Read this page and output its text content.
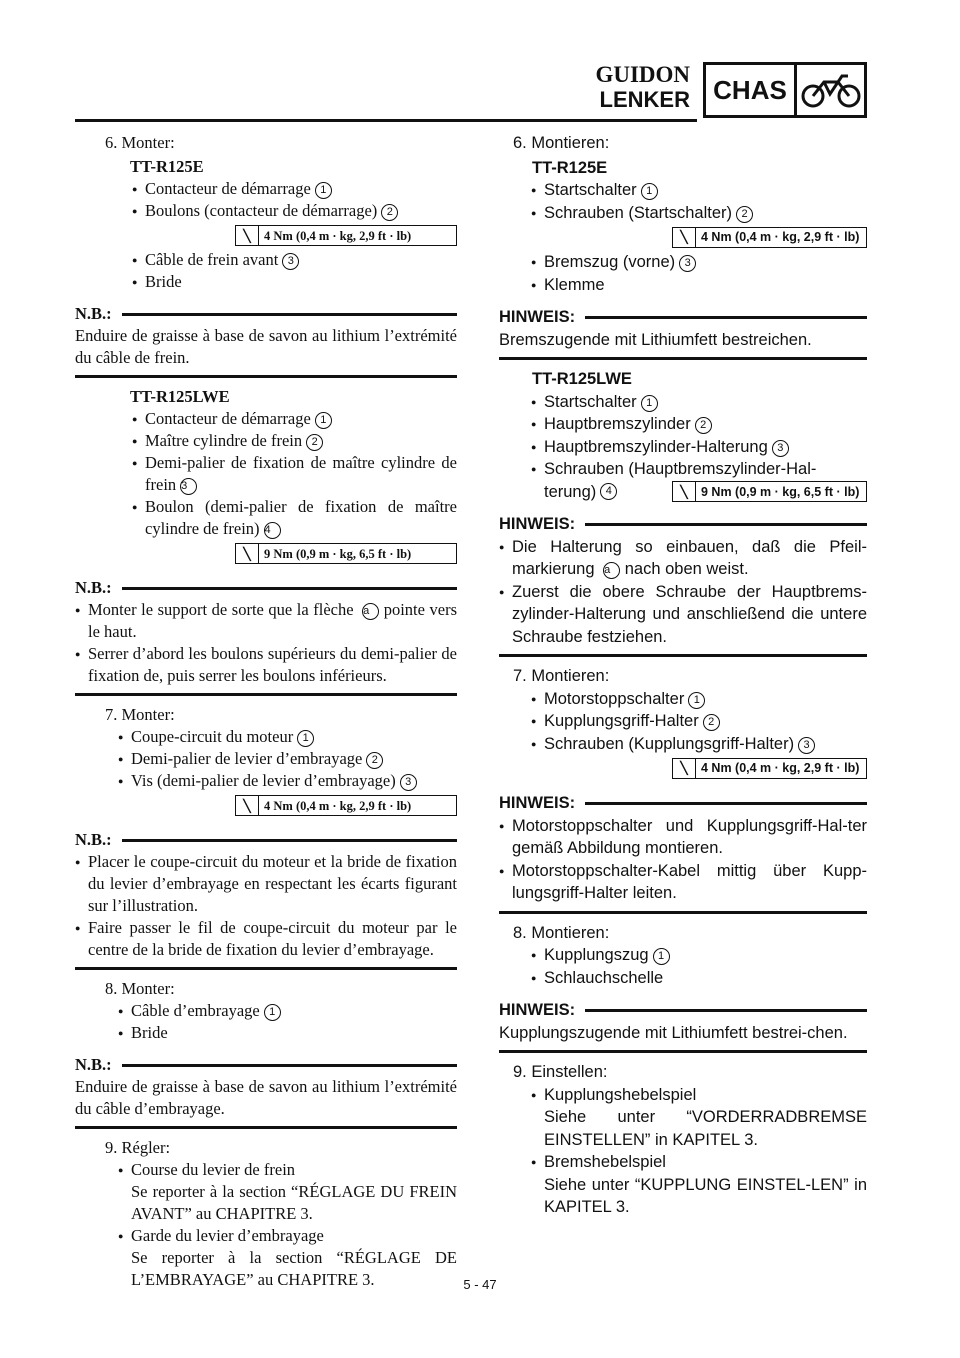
GUIDON
LENKER CHAS
6. Monter:
TT-R125E
● Contacteur de démarrage 1
● Boulons (contacteur de démarrage) 2
╲	4 Nm (0,4 m · kg, 2,9 ft · lb)
● Câble de frein avant 3
● Bride
N.B.:
Enduire de graisse à base de savon au lithium l’extrémité du câble de frein.
TT-R125LWE
● Contacteur de démarrage 1
● Maître cylindre de frein 2
● Demi-palier de fixation de maître cylindre de frein 3
● Boulon (demi-palier de fixation de maître cylindre de frein) 4
╲	9 Nm (0,9 m · kg, 6,5 ft · lb)
N.B.:
● Monter le support de sorte que la flèche a pointe vers le haut.
● Serrer d’abord les boulons supérieurs du demi-palier de fixation de, puis serrer les boulons inférieurs.
7. Monter:
● Coupe-circuit du moteur 1
● Demi-palier de levier d’embrayage 2
● Vis (demi-palier de levier d’embrayage) 3
╲	4 Nm (0,4 m · kg, 2,9 ft · lb)
N.B.:
● Placer le coupe-circuit du moteur et la bride de fixation du levier d’embrayage en respectant les écarts figurant sur l’illustration.
● Faire passer le fil de coupe-circuit du moteur par le centre de la bride de fixation du levier d’embrayage.
8. Monter:
● Câble d’embrayage 1
● Bride
N.B.:
Enduire de graisse à base de savon au lithium l’extrémité du câble d’embrayage.
9. Régler:
● Course du levier de frein
Se reporter à la section “RÉGLAGE DU FREIN AVANT” au CHAPITRE 3.
● Garde du levier d’embrayage
Se reporter à la section “RÉGLAGE DE L’EMBRAYAGE” au CHAPITRE 3.
6. Montieren:
TT-R125E
● Startschalter 1
● Schrauben (Startschalter) 2
╲	4 Nm (0,4 m · kg, 2,9 ft · lb)
● Bremszug (vorne) 3
● Klemme
HINWEIS:
Bremszugende mit Lithiumfett bestreichen.
TT-R125LWE
● Startschalter 1
● Hauptbremszylinder 2
● Hauptbremszylinder-Halterung 3
● Schrauben (Hauptbremszylinder-Hal-
terung) 4	╲	9 Nm (0,9 m · kg, 6,5 ft · lb)
HINWEIS:
● Die Halterung so einbauen, daß die Pfeil-markierung a nach oben weist.
● Zuerst die obere Schraube der Hauptbrems-zylinder-Halterung und anschließend die untere Schraube festziehen.
7. Montieren:
● Motorstoppschalter 1
● Kupplungsgriff-Halter 2
● Schrauben (Kupplungsgriff-Halter) 3
╲	4 Nm (0,4 m · kg, 2,9 ft · lb)
HINWEIS:
● Motorstoppschalter und Kupplungsgriff-Hal-ter gemäß Abbildung montieren.
● Motorstoppschalter-Kabel mittig über Kupp-lungsgriff-Halter leiten.
8. Montieren:
● Kupplungszug 1
● Schlauchschelle
HINWEIS:
Kupplungszugende mit Lithiumfett bestrei-chen.
9. Einstellen:
● Kupplungshebelspiel
Siehe unter “VORDERRADBREMSE EINSTELLEN” in KAPITEL 3.
● Bremshebelspiel
Siehe unter “KUPPLUNG EINSTEL-LEN” in KAPITEL 3.
5 - 47
